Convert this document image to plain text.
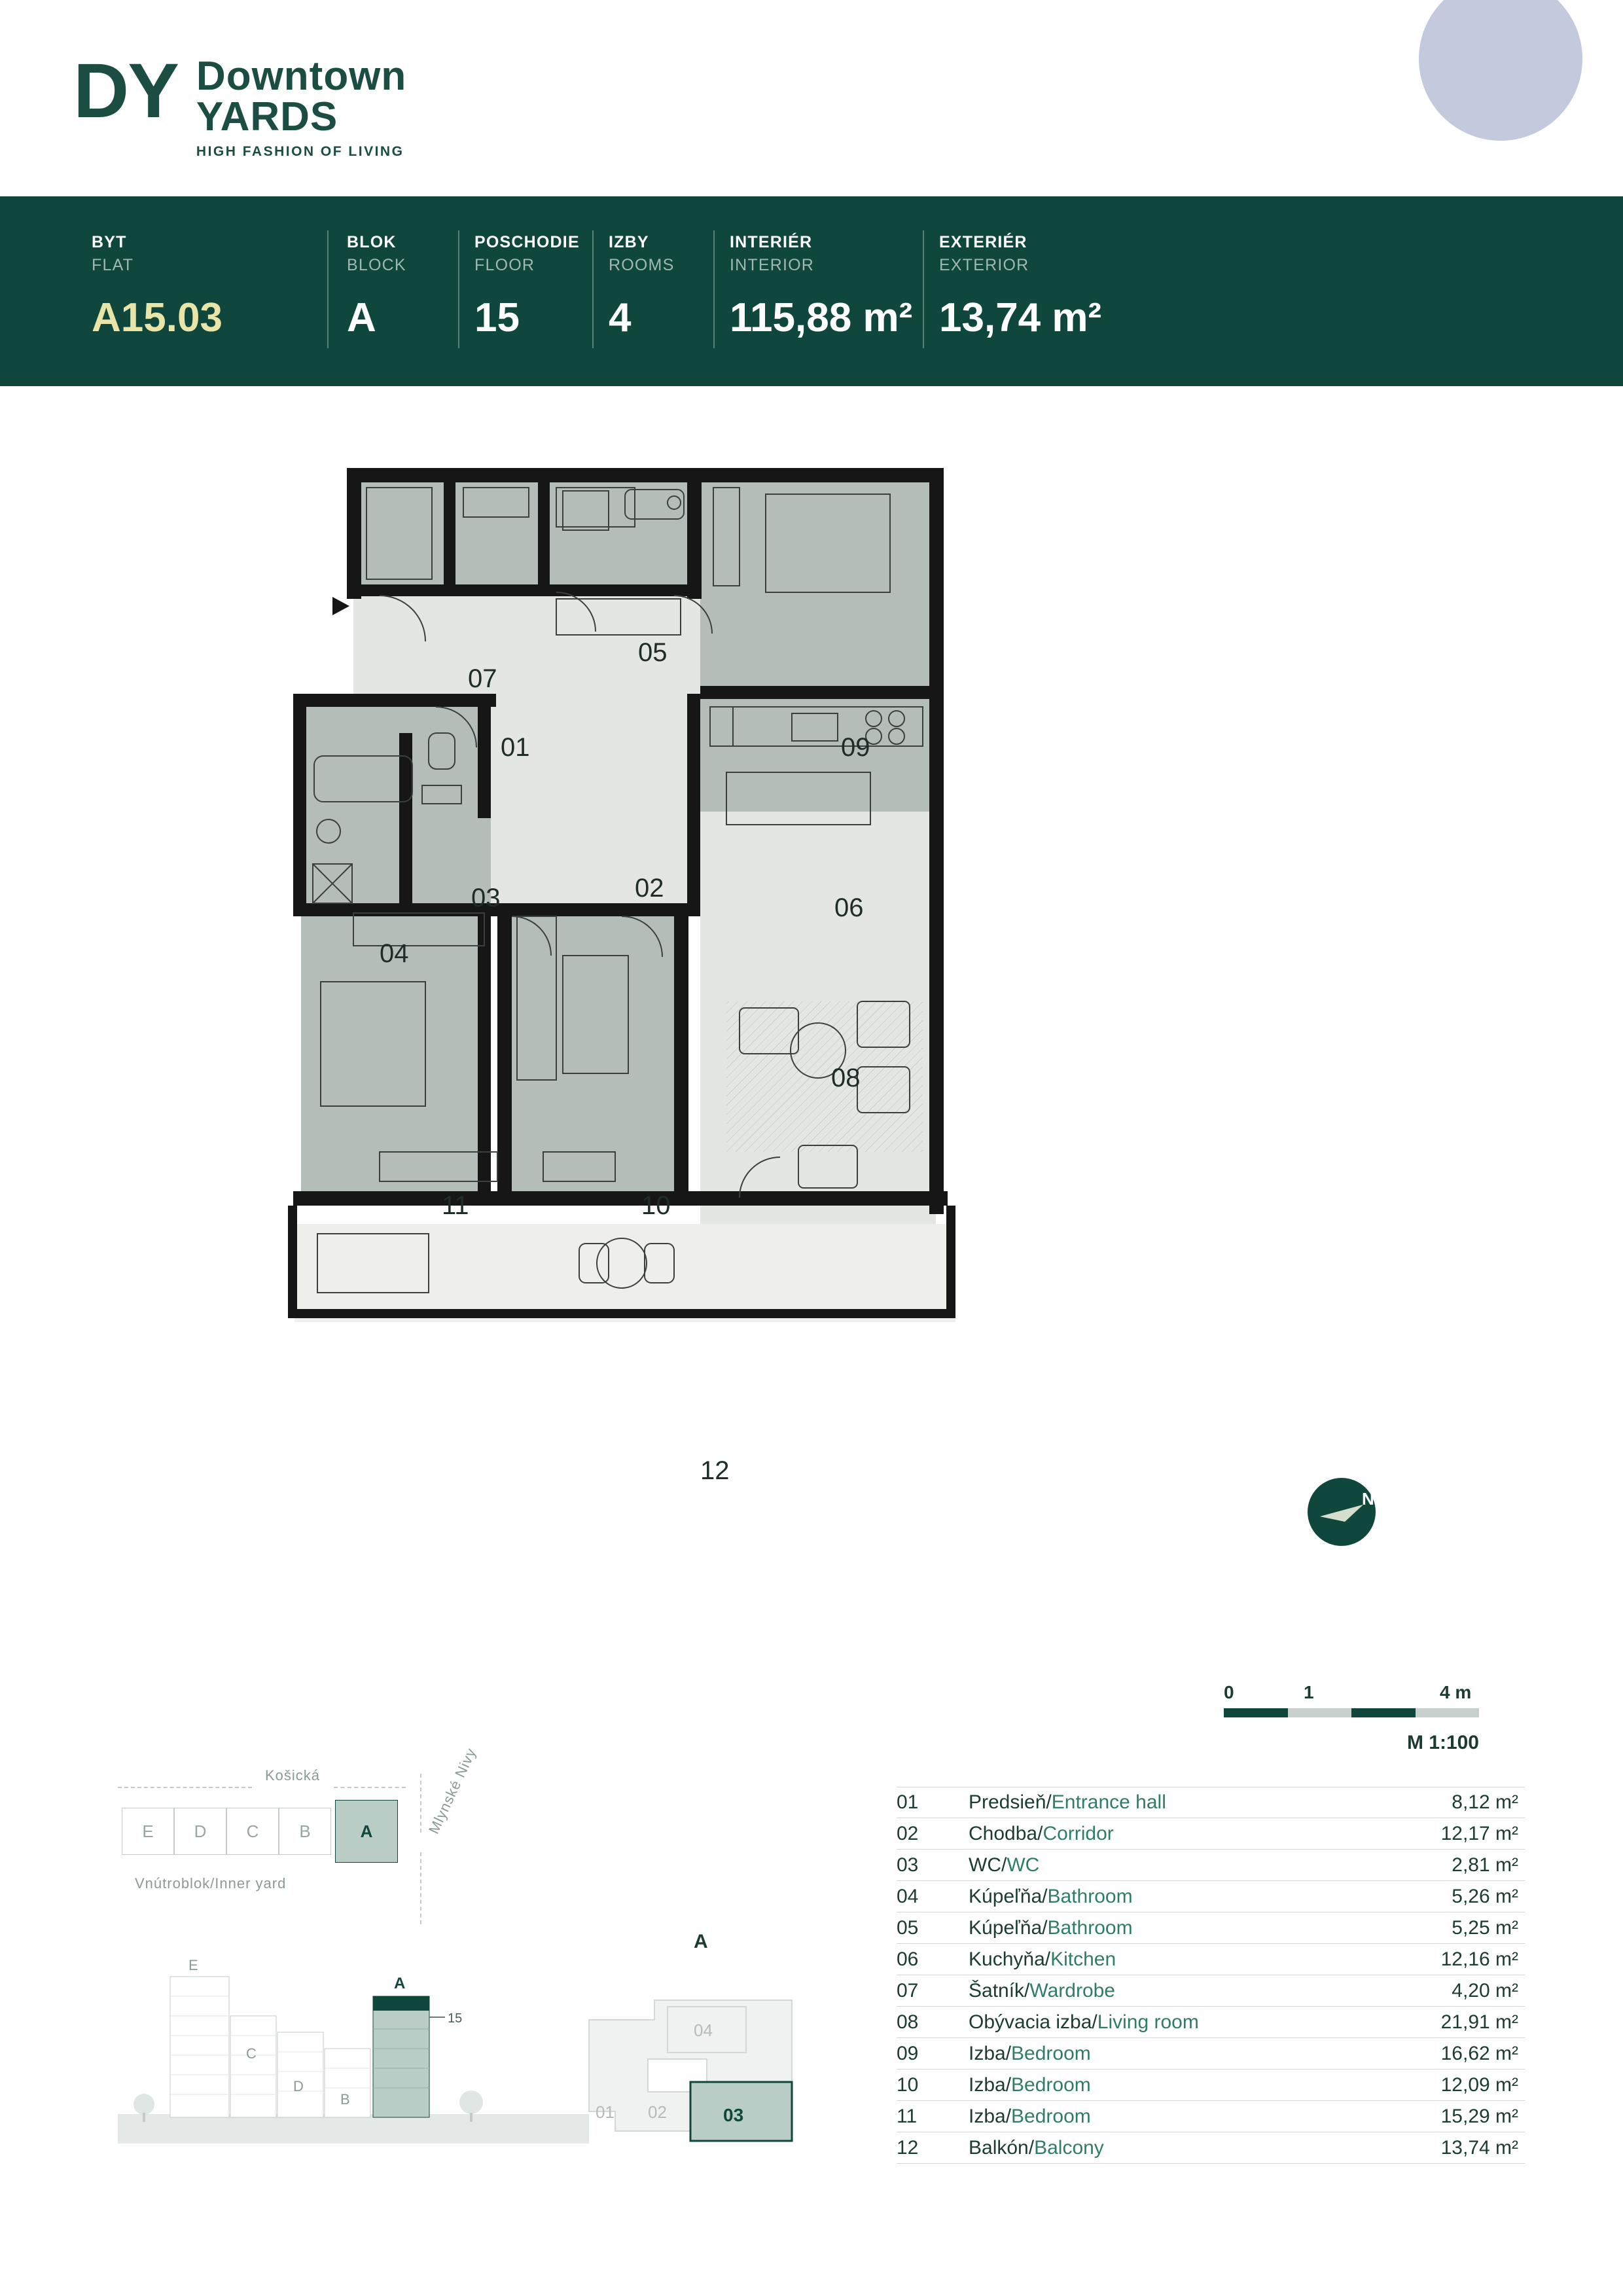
DY Downtown
YARDS
HIGH FASHION OF LIVING
BYT
FLAT
A15.03
BLOK
BLOCK
A
POSCHODIE
FLOOR
15
IZBY
ROOMS
4
INTERIÉR
INTERIOR
115,88 m²
EXTERIÉR
EXTERIOR
13,74 m²
07
05
01	09
03	02
04
06
08
11	10
12
N
0	1	4 m
M 1:100
01	Predsieň/Entrance hall	8,12 m²
02	Chodba/Corridor	12,17 m²
03	WC/WC	2,81 m²
04	Kúpeľňa/Bathroom	5,26 m²
05	Kúpeľňa/Bathroom	5,25 m²
06	Kuchyňa/Kitchen	12,16 m²
07	Šatník/Wardrobe	4,20 m²
08	Obývacia izba/Living room	21,91 m²
09	Izba/Bedroom	16,62 m²
10	Izba/Bedroom	12,09 m²
11	Izba/Bedroom	15,29 m²
12	Balkón/Balcony	13,74 m²
Košická	Mlynské Nivy
E	D	C	B	A
Vnútroblok/Inner yard
15
E
C
D
B
A
A
04
01 02	03
